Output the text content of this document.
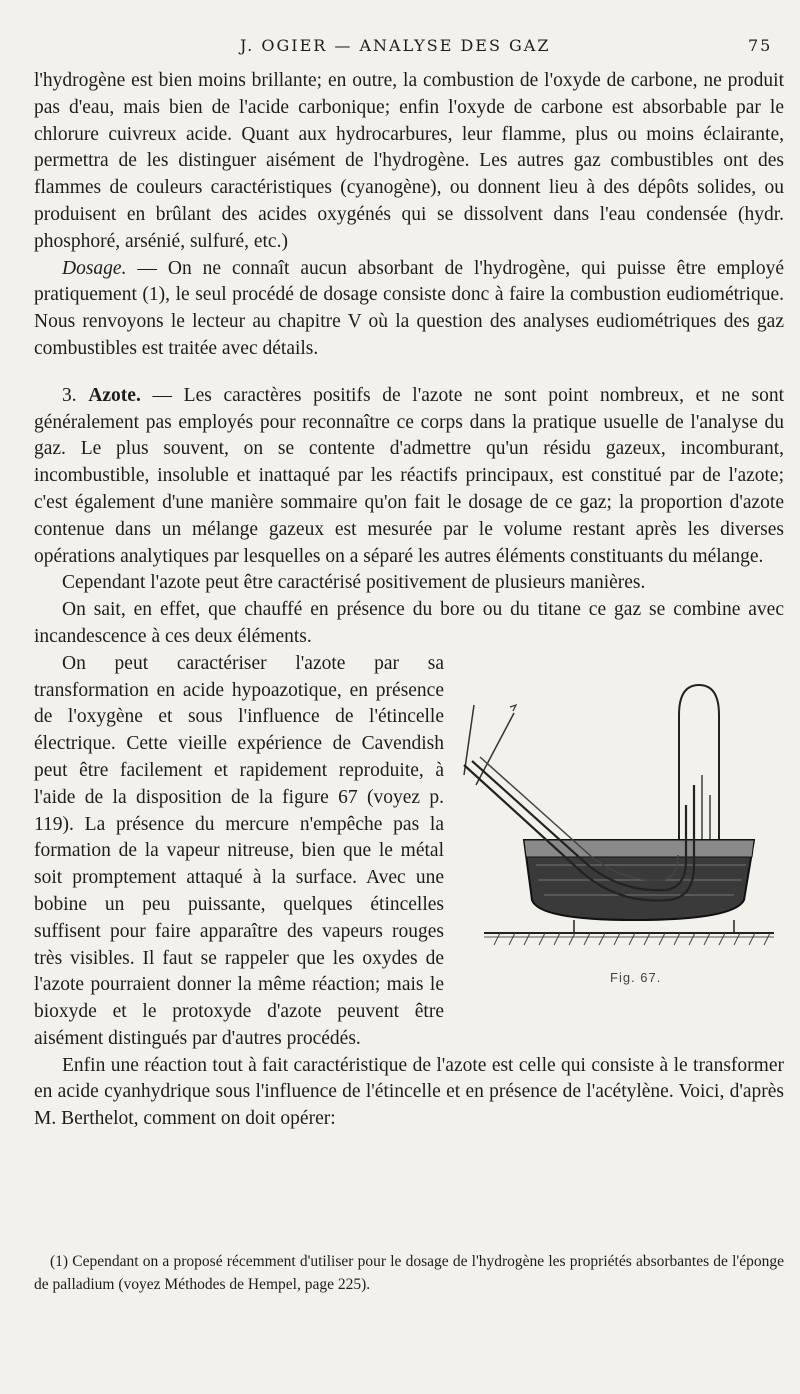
J. OGIER — ANALYSE DES GAZ	75

l'hydrogène est bien moins brillante; en outre, la combustion de l'oxyde de carbone, ne produit pas d'eau, mais bien de l'acide carbonique; enfin l'oxyde de carbone est absorbable par le chlorure cuivreux acide. Quant aux hydrocarbures, leur flamme, plus ou moins éclairante, permettra de les distinguer aisément de l'hydrogène. Les autres gaz combustibles ont des flammes de couleurs caractéristiques (cyanogène), ou donnent lieu à des dépôts solides, ou produisent en brûlant des acides oxygénés qui se dissolvent dans l'eau condensée (hydr. phosphoré, arsénié, sulfuré, etc.)

Dosage. — On ne connaît aucun absorbant de l'hydrogène, qui puisse être employé pratiquement (1), le seul procédé de dosage consiste donc à faire la combustion eudiométrique. Nous renvoyons le lecteur au chapitre V où la question des analyses eudiométriques des gaz combustibles est traitée avec détails.

3. Azote. — Les caractères positifs de l'azote ne sont point nombreux, et ne sont généralement pas employés pour reconnaître ce corps dans la pratique usuelle de l'analyse du gaz. Le plus souvent, on se contente d'admettre qu'un résidu gazeux, incomburant, incombustible, insoluble et inattaqué par les réactifs principaux, est constitué par de l'azote; c'est également d'une manière sommaire qu'on fait le dosage de ce gaz; la proportion d'azote contenue dans un mélange gazeux est mesurée par le volume restant après les diverses opérations analytiques par lesquelles on a séparé les autres éléments constituants du mélange.

Cependant l'azote peut être caractérisé positivement de plusieurs manières.

On sait, en effet, que chauffé en présence du bore ou du titane ce gaz se combine avec incandescence à ces deux éléments.

Fig. 67.
On peut caractériser l'azote par sa transformation en acide hypoazotique, en présence de l'oxygène et sous l'influence de l'étincelle électrique. Cette vieille expérience de Cavendish peut être facilement et rapidement reproduite, à l'aide de la disposition de la figure 67 (voyez p. 119). La présence du mercure n'empêche pas la formation de la vapeur nitreuse, bien que le métal soit promptement attaqué à la surface. Avec une bobine un peu puissante, quelques étincelles suffisent pour faire apparaître des vapeurs rouges très visibles. Il faut se rappeler que les oxydes de l'azote pourraient donner la même réaction; mais le bioxyde et le protoxyde d'azote peuvent être aisément distingués par d'autres procédés.

Enfin une réaction tout à fait caractéristique de l'azote est celle qui consiste à le transformer en acide cyanhydrique sous l'influence de l'étincelle et en présence de l'acétylène. Voici, d'après M. Berthelot, comment on doit opérer:

(1) Cependant on a proposé récemment d'utiliser pour le dosage de l'hydrogène les propriétés absorbantes de l'éponge de palladium (voyez Méthodes de Hempel, page 225).
